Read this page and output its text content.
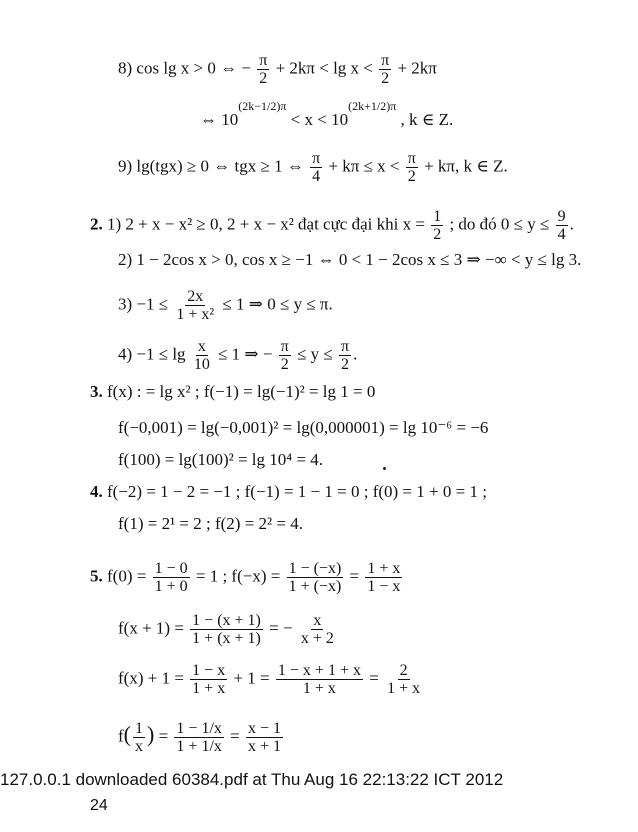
8) cos lg x > 0 ⇔ − $\frac{\pi}{2} + 2k\pi < \lg x < \frac{\pi}{2} + 2k\pi$
⇔ $10^{(2k-1/2)\pi} < x < 10^{(2k+1/2)\pi}$ , k ∈ Z.
9) lg(tgx) ≥ 0 ⇔ tgx ≥ 1 ⇔ $\frac{\pi}{4} + k\pi \le x < \frac{\pi}{2} + k\pi$, k ∈ Z.
2. 1) 2 + x − x² ≥ 0, 2 + x − x² đạt cực đại khi $x = \frac{1}{2}$ ; do đó $0 \le y \le \frac{9}{4}$ .
2) 1 − 2cos x > 0, cos x ≥ −1 ⇔ 0 < 1 − 2cos x ≤ 3 ⇒ −∞ < y ≤ lg 3.
$3) -1 \le \frac{2x}{\text{1 + x²}} \le 1$ ⇒ 0 ≤ y ≤ π.
$4) -1 \le \lg \frac{x}{10} \le 1$ ⇒ − $\frac{\pi}{2} \le y \le \frac{\pi}{2}$ .
3. f(x) : = lg x² ; f(−1) = lg(−1)² = lg 1 = 0
f(−0,001) = lg(−0,001)² = lg(0,000001) = lg 10⁻⁶ = −6
f(100) = lg(100)² = lg 10⁴ = 4.
4. f(−2) = 1 − 2 = −1 ; f(−1) = 1 − 1 = 0 ; f(0) = 1 + 0 = 1 ;
f(1) = 2¹ = 2 ; f(2) = 2² = 4.
5. $f(0) = \frac{1 - 0}{1 + 0} = 1$ ; $f(-x) = \frac{1 - (-x)}{1 + (-x)} = \frac{1 + x}{1 - x}$
$f(x + 1) = \frac{1 - (x + 1)}{1 + (x + 1)}$ = − $\frac{x}{x + 2}$
$f(x) + 1 = \frac{1 - x}{1 + x} + 1 = \frac{1 - x + 1 + x}{1 + x} = \frac{2}{1 + x}$
$f( \frac{1}{x}$ ) = $\frac{1 - 1/x}{1 + 1/x} = \frac{x - 1}{x + 1}$
127.0.0.1 downloaded 60384.pdf at Thu Aug 16 22:13:22 ICT 2012
24
